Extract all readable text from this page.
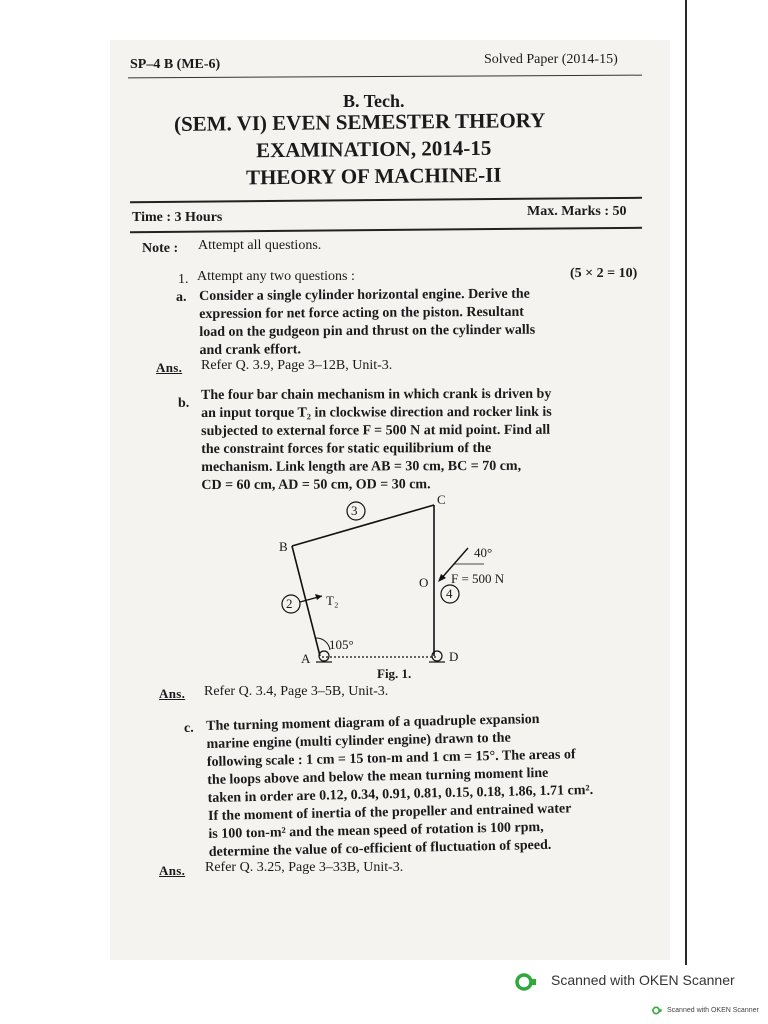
SP–4 B (ME-6)	Solved Paper (2014-15)
B. Tech.
(SEM. VI) EVEN SEMESTER THEORY
EXAMINATION, 2014-15
THEORY OF MACHINE-II
Time : 3 Hours	Max. Marks : 50
Note : Attempt all questions.
1. Attempt any two questions :	(5 × 2 = 10)
a. Consider a single cylinder horizontal engine. Derive the
expression for net force acting on the piston. Resultant
load on the gudgeon pin and thrust on the cylinder walls
and crank effort.
Ans. Refer Q. 3.9, Page 3–12B, Unit-3.
b.
The four bar chain mechanism in which crank is driven by
an input torque T₂ in clockwise direction and rocker link is
subjected to external force F = 500 N at mid point. Find all
the constraint forces for static equilibrium of the
mechanism. Link length are AB = 30 cm, BC = 70 cm,
CD = 60 cm, AD = 50 cm, OD = 30 cm.
3
2
4
C
B
A	D
O
T₂
40°
F = 500 N
105°
Fig. 1.
Ans. Refer Q. 3.4, Page 3–5B, Unit-3.
c. The turning moment diagram of a quadruple expansion
marine engine (multi cylinder engine) drawn to the
following scale : 1 cm = 15 ton-m and 1 cm = 15°. The areas of
the loops above and below the mean turning moment line
taken in order are 0.12, 0.34, 0.91, 0.81, 0.15, 0.18, 1.86, 1.71 cm².
If the moment of inertia of the propeller and entrained water
is 100 ton-m² and the mean speed of rotation is 100 rpm,
determine the value of co-efficient of fluctuation of speed.
Ans. Refer Q. 3.25, Page 3–33B, Unit-3.
Scanned with OKEN Scanner
Scanned with OKEN Scanner
